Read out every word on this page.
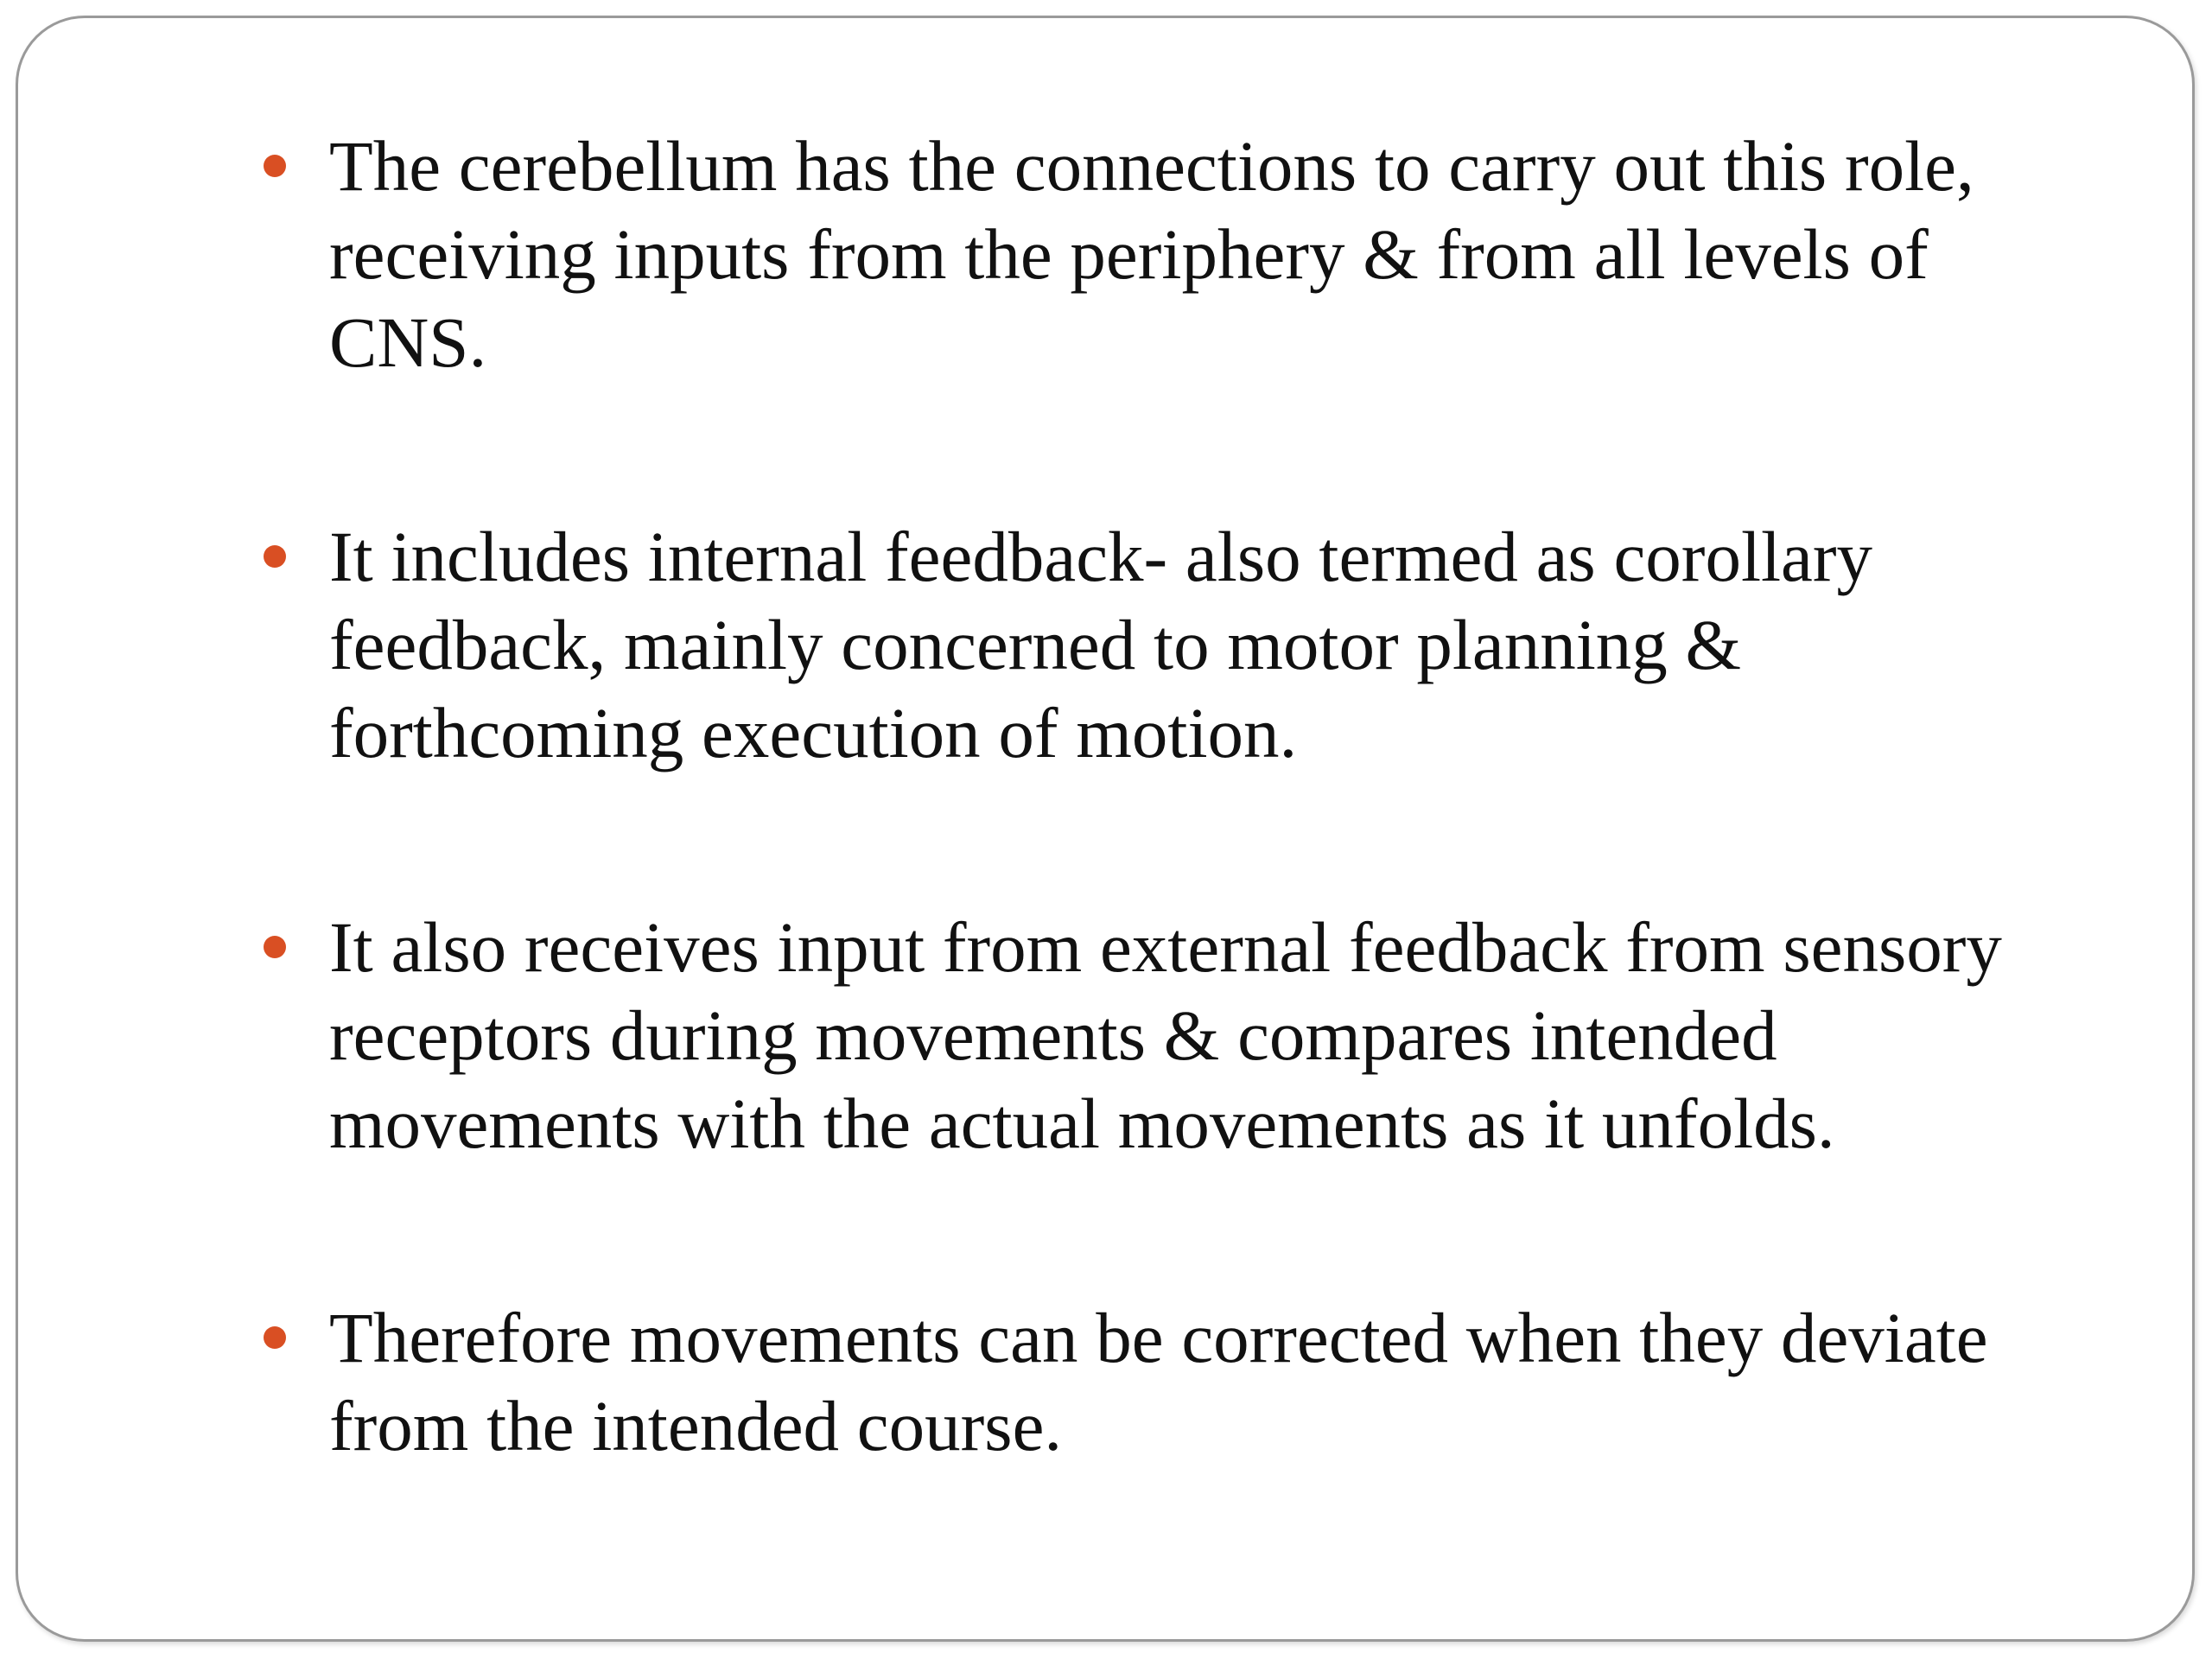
The cerebellum has the connections to carry out this role, receiving inputs from the periphery & from all levels of CNS.
It includes internal feedback- also termed as corollary feedback, mainly concerned to motor planning & forthcoming execution of motion.
It also receives input from external feedback from sensory receptors during movements & compares intended movements with the actual movements as it unfolds.
Therefore movements can be corrected when they deviate from the intended course.
